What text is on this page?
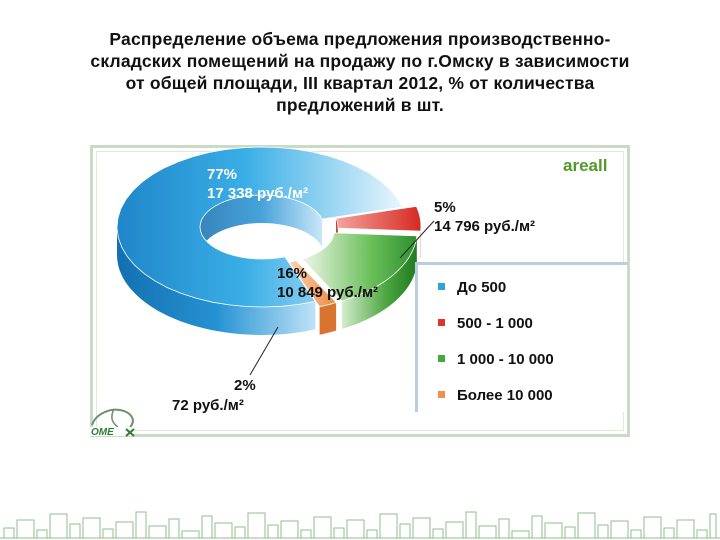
Распределение объема предложения производственно-
складских помещений на продажу по г.Омску в зависимости
от общей площади, III квартал 2012, % от количества
предложений в шт.
77%
17 338 руб./м²
5%
14 796 руб./м²
16%
10 849 руб./м²
2%
72 руб./м²
areall
До 500
500 - 1 000
1 000 - 10 000
Более 10 000
ОМЕ
